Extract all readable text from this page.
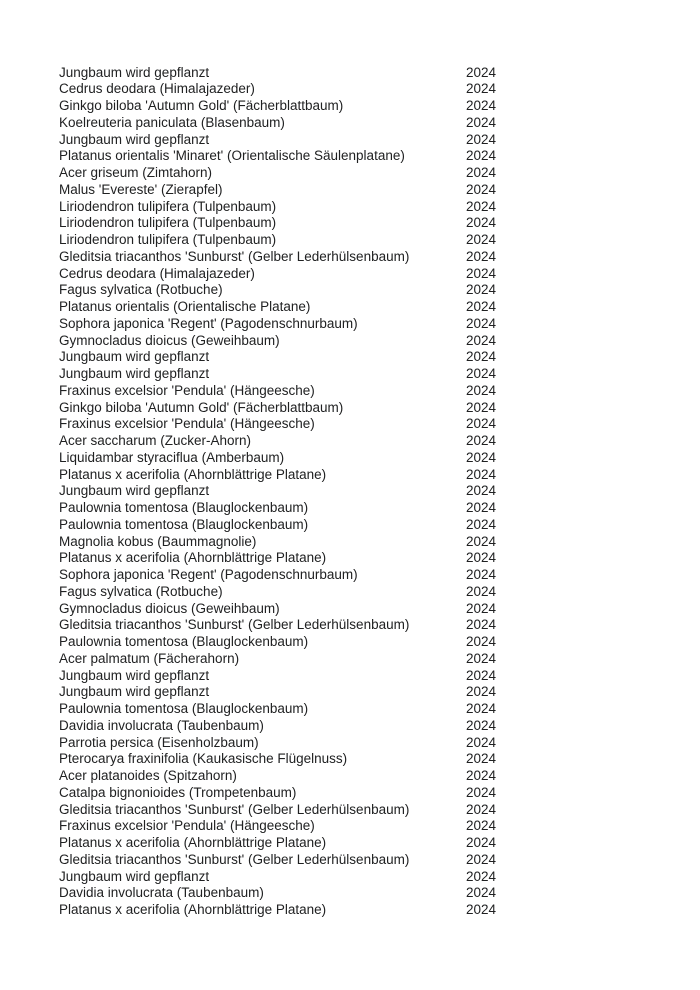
Jungbaum wird gepflanzt	2024
Cedrus deodara (Himalajazeder)	2024
Ginkgo biloba 'Autumn Gold' (Fächerblattbaum)	2024
Koelreuteria paniculata (Blasenbaum)	2024
Jungbaum wird gepflanzt	2024
Platanus orientalis 'Minaret' (Orientalische Säulenplatane)	2024
Acer griseum (Zimtahorn)	2024
Malus 'Evereste' (Zierapfel)	2024
Liriodendron tulipifera (Tulpenbaum)	2024
Liriodendron tulipifera (Tulpenbaum)	2024
Liriodendron tulipifera (Tulpenbaum)	2024
Gleditsia triacanthos 'Sunburst' (Gelber Lederhülsenbaum)	2024
Cedrus deodara (Himalajazeder)	2024
Fagus sylvatica (Rotbuche)	2024
Platanus orientalis (Orientalische Platane)	2024
Sophora japonica 'Regent' (Pagodenschnurbaum)	2024
Gymnocladus dioicus (Geweihbaum)	2024
Jungbaum wird gepflanzt	2024
Jungbaum wird gepflanzt	2024
Fraxinus excelsior 'Pendula' (Hängeesche)	2024
Ginkgo biloba 'Autumn Gold' (Fächerblattbaum)	2024
Fraxinus excelsior 'Pendula' (Hängeesche)	2024
Acer saccharum (Zucker-Ahorn)	2024
Liquidambar styraciflua (Amberbaum)	2024
Platanus x acerifolia (Ahornblättrige Platane)	2024
Jungbaum wird gepflanzt	2024
Paulownia tomentosa (Blauglockenbaum)	2024
Paulownia tomentosa (Blauglockenbaum)	2024
Magnolia kobus (Baummagnolie)	2024
Platanus x acerifolia (Ahornblättrige Platane)	2024
Sophora japonica 'Regent' (Pagodenschnurbaum)	2024
Fagus sylvatica (Rotbuche)	2024
Gymnocladus dioicus (Geweihbaum)	2024
Gleditsia triacanthos 'Sunburst' (Gelber Lederhülsenbaum)	2024
Paulownia tomentosa (Blauglockenbaum)	2024
Acer palmatum (Fächerahorn)	2024
Jungbaum wird gepflanzt	2024
Jungbaum wird gepflanzt	2024
Paulownia tomentosa (Blauglockenbaum)	2024
Davidia involucrata (Taubenbaum)	2024
Parrotia persica (Eisenholzbaum)	2024
Pterocarya fraxinifolia (Kaukasische Flügelnuss)	2024
Acer platanoides (Spitzahorn)	2024
Catalpa bignonioides (Trompetenbaum)	2024
Gleditsia triacanthos 'Sunburst' (Gelber Lederhülsenbaum)	2024
Fraxinus excelsior 'Pendula' (Hängeesche)	2024
Platanus x acerifolia (Ahornblättrige Platane)	2024
Gleditsia triacanthos 'Sunburst' (Gelber Lederhülsenbaum)	2024
Jungbaum wird gepflanzt	2024
Davidia involucrata (Taubenbaum)	2024
Platanus x acerifolia (Ahornblättrige Platane)	2024
